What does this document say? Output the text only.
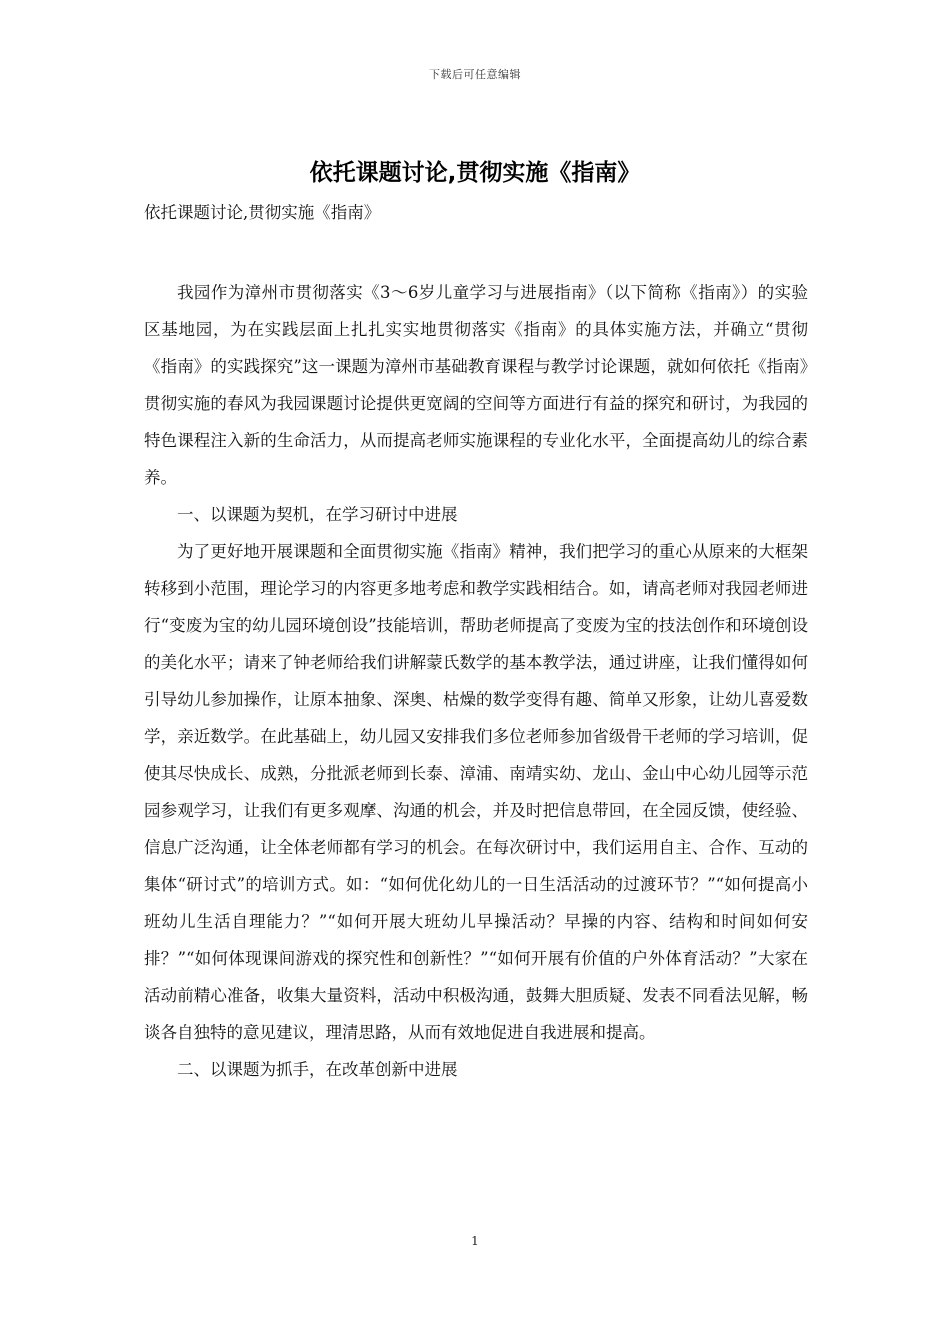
下载后可任意编辑
依托课题讨论,贯彻实施《指南》
依托课题讨论,贯彻实施《指南》

我园作为漳州市贯彻落实《3～6岁儿童学习与进展指南》（以下简称《指南》）的实验区基地园，为在实践层面上扎扎实实地贯彻落实《指南》的具体实施方法，并确立“贯彻《指南》的实践探究”这一课题为漳州市基础教育课程与教学讨论课题，就如何依托《指南》贯彻实施的春风为我园课题讨论提供更宽阔的空间等方面进行有益的探究和研讨，为我园的特色课程注入新的生命活力，从而提高老师实施课程的专业化水平，全面提高幼儿的综合素养。

一、以课题为契机，在学习研讨中进展

为了更好地开展课题和全面贯彻实施《指南》精神，我们把学习的重心从原来的大框架转移到小范围，理论学习的内容更多地考虑和教学实践相结合。如，请高老师对我园老师进行“变废为宝的幼儿园环境创设”技能培训，帮助老师提高了变废为宝的技法创作和环境创设的美化水平；请来了钟老师给我们讲解蒙氏数学的基本教学法，通过讲座，让我们懂得如何引导幼儿参加操作，让原本抽象、深奥、枯燥的数学变得有趣、简单又形象，让幼儿喜爱数学，亲近数学。在此基础上，幼儿园又安排我们多位老师参加省级骨干老师的学习培训，促使其尽快成长、成熟，分批派老师到长泰、漳浦、南靖实幼、龙山、金山中心幼儿园等示范园参观学习，让我们有更多观摩、沟通的机会，并及时把信息带回，在全园反馈，使经验、信息广泛沟通，让全体老师都有学习的机会。在每次研讨中，我们运用自主、合作、互动的集体“研讨式”的培训方式。如：“如何优化幼儿的一日生活活动的过渡环节？”“如何提高小班幼儿生活自理能力？”“如何开展大班幼儿早操活动？早操的内容、结构和时间如何安排？”“如何体现课间游戏的探究性和创新性？”“如何开展有价值的户外体育活动？”大家在活动前精心准备，收集大量资料，活动中积极沟通，鼓舞大胆质疑、发表不同看法见解，畅谈各自独特的意见建议，理清思路，从而有效地促进自我进展和提高。

二、以课题为抓手，在改革创新中进展

1
